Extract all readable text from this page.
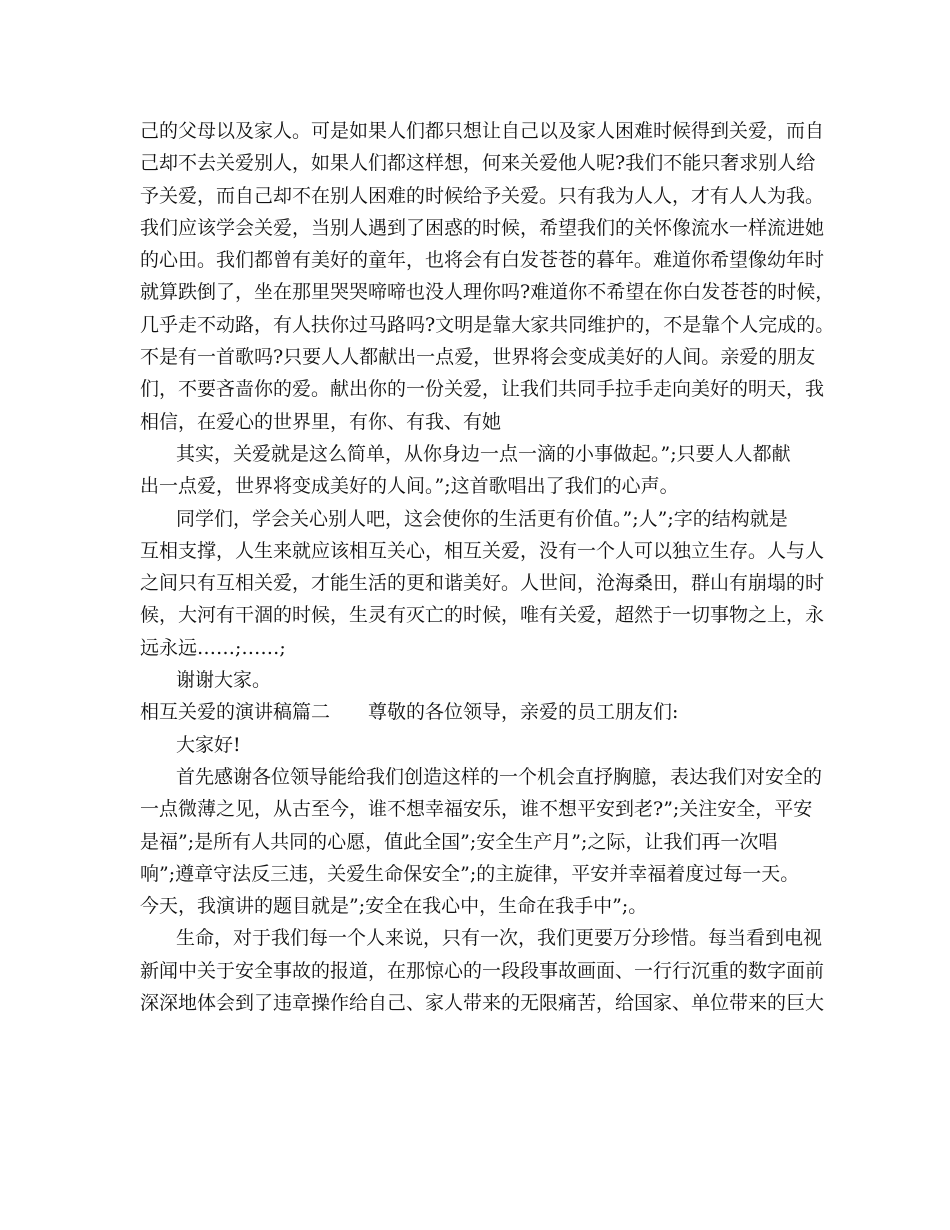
己的父母以及家人。可是如果人们都只想让自己以及家人困难时候得到关爱，而自
己却不去关爱别人，如果人们都这样想，何来关爱他人呢?我们不能只奢求别人给
予关爱，而自己却不在别人困难的时候给予关爱。只有我为人人，才有人人为我。
我们应该学会关爱，当别人遇到了困惑的时候，希望我们的关怀像流水一样流进她
的心田。我们都曾有美好的童年，也将会有白发苍苍的暮年。难道你希望像幼年时
就算跌倒了，坐在那里哭哭啼啼也没人理你吗?难道你不希望在你白发苍苍的时候，
几乎走不动路，有人扶你过马路吗?文明是靠大家共同维护的，不是靠个人完成的。
不是有一首歌吗?只要人人都献出一点爱，世界将会变成美好的人间。亲爱的朋友
们，不要吝啬你的爱。献出你的一份关爱，让我们共同手拉手走向美好的明天，我
相信，在爱心的世界里，有你、有我、有她
其实，关爱就是这么简单，从你身边一点一滴的小事做起。”;只要人人都献
出一点爱，世界将变成美好的人间。”;这首歌唱出了我们的心声。
同学们，学会关心别人吧，这会使你的生活更有价值。”;人”;字的结构就是
互相支撑，人生来就应该相互关心，相互关爱，没有一个人可以独立生存。人与人
之间只有互相关爱，才能生活的更和谐美好。人世间，沧海桑田，群山有崩塌的时
候，大河有干涸的时候，生灵有灭亡的时候，唯有关爱，超然于一切事物之上，永
远永远……;……;
谢谢大家。
相互关爱的演讲稿篇二 尊敬的各位领导，亲爱的员工朋友们:
大家好!
首先感谢各位领导能给我们创造这样的一个机会直抒胸臆，表达我们对安全的
一点微薄之见，从古至今，谁不想幸福安乐，谁不想平安到老?”;关注安全，平安
是福”;是所有人共同的心愿，值此全国”;安全生产月”;之际，让我们再一次唱
响”;遵章守法反三违，关爱生命保安全”;的主旋律，平安并幸福着度过每一天。
今天，我演讲的题目就是”;安全在我心中，生命在我手中”;。
生命，对于我们每一个人来说，只有一次，我们更要万分珍惜。每当看到电视
新闻中关于安全事故的报道，在那惊心的一段段事故画面、一行行沉重的数字面前
深深地体会到了违章操作给自己、家人带来的无限痛苦，给国家、单位带来的巨大
